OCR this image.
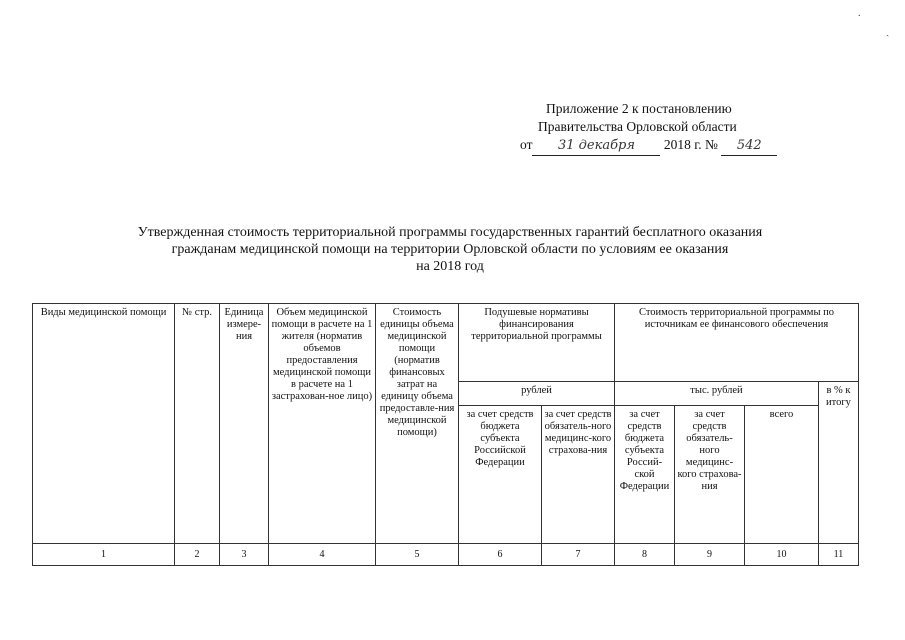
.
ˎ
Приложение 2 к постановлению
Правительства Орловской области
от 31 декабря 2018 г. № 542
Утвержденная стоимость территориальной программы государственных гарантий бесплатного оказания
гражданам медицинской помощи на территории Орловской области по условиям ее оказания
на 2018 год
Виды медицинской помощи	№ стр.	Единица измере-ния	Объем медицинской помощи в расчете на 1 жителя (норматив объемов предоставления медицинской помощи в расчете на 1 застрахован-ное лицо)	Стоимость единицы объема медицинской помощи (норматив финансовых затрат на единицу объема предоставле-ния медицинской помощи)	Подушевые нормативы финансирования территориальной программы		Стоимость территориальной программы по источникам ее финансового обеспечения			
					рублей		тыс. рублей			в % к итогу
					за счет средств бюджета субъекта Российской Федерации	за счет средств обязатель-ного медицинс-кого страхова-ния	за счет средств бюджета субъекта Россий-ской Федерации	за счет средств обязатель-ного медицинс-кого страхова-ния	всего	
1	2	3	4	5	6	7	8	9	10	11
